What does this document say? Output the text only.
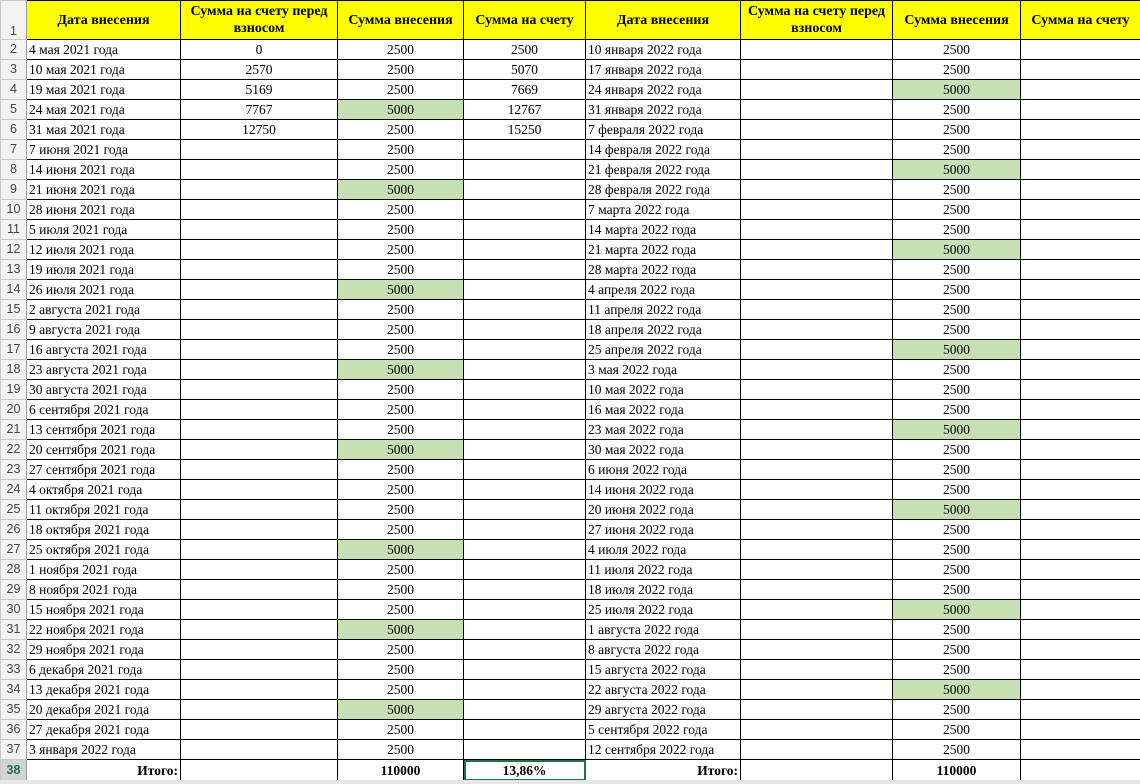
1	Дата внесения	Сумма на счету перед взносом	Сумма внесения	Сумма на счету	Дата внесения	Сумма на счету перед взносом	Сумма внесения	Сумма на счету
2	4 мая 2021 года	0	2500	2500	10 января 2022 года		2500	
3	10 мая 2021 года	2570	2500	5070	17 января 2022 года		2500	
4	19 мая 2021 года	5169	2500	7669	24 января 2022 года		5000	
5	24 мая 2021 года	7767	5000	12767	31 января 2022 года		2500	
6	31 мая 2021 года	12750	2500	15250	7 февраля 2022 года		2500	
7	7 июня 2021 года		2500		14 февраля 2022 года		2500	
8	14 июня 2021 года		2500		21 февраля 2022 года		5000	
9	21 июня 2021 года		5000		28 февраля 2022 года		2500	
10	28 июня 2021 года		2500		7 марта 2022 года		2500	
11	5 июля 2021 года		2500		14 марта 2022 года		2500	
12	12 июля 2021 года		2500		21 марта 2022 года		5000	
13	19 июля 2021 года		2500		28 марта 2022 года		2500	
14	26 июля 2021 года		5000		4 апреля 2022 года		2500	
15	2 августа 2021 года		2500		11 апреля 2022 года		2500	
16	9 августа 2021 года		2500		18 апреля 2022 года		2500	
17	16 августа 2021 года		2500		25 апреля 2022 года		5000	
18	23 августа 2021 года		5000		3 мая 2022 года		2500	
19	30 августа 2021 года		2500		10 мая 2022 года		2500	
20	6 сентября 2021 года		2500		16 мая 2022 года		2500	
21	13 сентября 2021 года		2500		23 мая 2022 года		5000	
22	20 сентября 2021 года		5000		30 мая 2022 года		2500	
23	27 сентября 2021 года		2500		6 июня 2022 года		2500	
24	4 октября 2021 года		2500		14 июня 2022 года		2500	
25	11 октября 2021 года		2500		20 июня 2022 года		5000	
26	18 октября 2021 года		2500		27 июня 2022 года		2500	
27	25 октября 2021 года		5000		4 июля 2022 года		2500	
28	1 ноября 2021 года		2500		11 июля 2022 года		2500	
29	8 ноября 2021 года		2500		18 июля 2022 года		2500	
30	15 ноября 2021 года		2500		25 июля 2022 года		5000	
31	22 ноября 2021 года		5000		1 августа 2022 года		2500	
32	29 ноября 2021 года		2500		8 августа 2022 года		2500	
33	6 декабря 2021 года		2500		15 августа 2022 года		2500	
34	13 декабря 2021 года		2500		22 августа 2022 года		5000	
35	20 декабря 2021 года		5000		29 августа 2022 года		2500	
36	27 декабря 2021 года		2500		5 сентября 2022 года		2500	
37	3 января 2022 года		2500		12 сентября 2022 года		2500	
38	Итого:		110000	13,86%	Итого:		110000	
